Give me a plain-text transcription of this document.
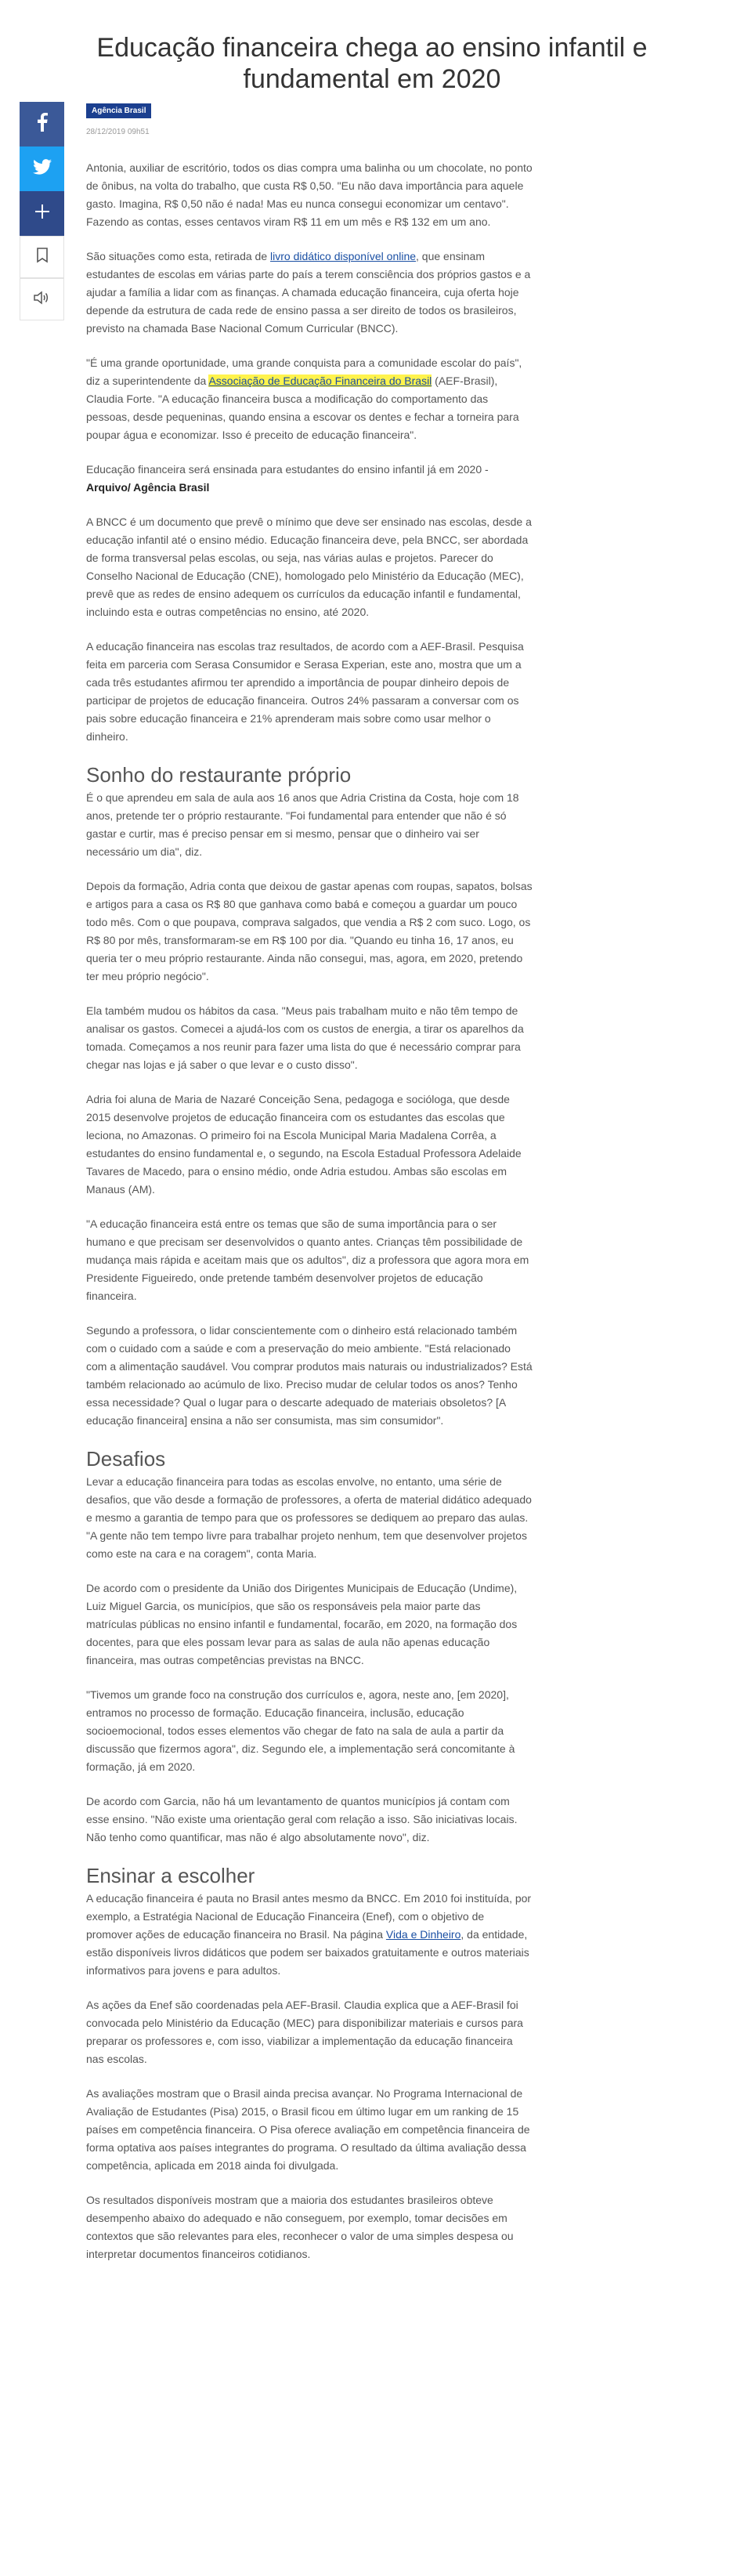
Educação financeira chega ao ensino infantil e fundamental em 2020
Agência Brasil
28/12/2019 09h51

Antonia, auxiliar de escritório, todos os dias compra uma balinha ou um chocolate, no ponto de ônibus, na volta do trabalho, que custa R$ 0,50. "Eu não dava importância para aquele gasto. Imagina, R$ 0,50 não é nada! Mas eu nunca consegui economizar um centavo". Fazendo as contas, esses centavos viram R$ 11 em um mês e R$ 132 em um ano.

São situações como esta, retirada de livro didático disponível online, que ensinam estudantes de escolas em várias parte do país a terem consciência dos próprios gastos e a ajudar a família a lidar com as finanças. A chamada educação financeira, cuja oferta hoje depende da estrutura de cada rede de ensino passa a ser direito de todos os brasileiros, previsto na chamada Base Nacional Comum Curricular (BNCC).

"É uma grande oportunidade, uma grande conquista para a comunidade escolar do país", diz a superintendente da Associação de Educação Financeira do Brasil (AEF-Brasil), Claudia Forte. "A educação financeira busca a modificação do comportamento das pessoas, desde pequeninas, quando ensina a escovar os dentes e fechar a torneira para poupar água e economizar. Isso é preceito de educação financeira".

Educação financeira será ensinada para estudantes do ensino infantil já em 2020 - Arquivo/ Agência Brasil

A BNCC é um documento que prevê o mínimo que deve ser ensinado nas escolas, desde a educação infantil até o ensino médio. Educação financeira deve, pela BNCC, ser abordada de forma transversal pelas escolas, ou seja, nas várias aulas e projetos. Parecer do Conselho Nacional de Educação (CNE), homologado pelo Ministério da Educação (MEC), prevê que as redes de ensino adequem os currículos da educação infantil e fundamental, incluindo esta e outras competências no ensino, até 2020.

A educação financeira nas escolas traz resultados, de acordo com a AEF-Brasil. Pesquisa feita em parceria com Serasa Consumidor e Serasa Experian, este ano, mostra que um a cada três estudantes afirmou ter aprendido a importância de poupar dinheiro depois de participar de projetos de educação financeira. Outros 24% passaram a conversar com os pais sobre educação financeira e 21% aprenderam mais sobre como usar melhor o dinheiro.

Sonho do restaurante próprio

É o que aprendeu em sala de aula aos 16 anos que Adria Cristina da Costa, hoje com 18 anos, pretende ter o próprio restaurante. "Foi fundamental para entender que não é só gastar e curtir, mas é preciso pensar em si mesmo, pensar que o dinheiro vai ser necessário um dia", diz.

Depois da formação, Adria conta que deixou de gastar apenas com roupas, sapatos, bolsas e artigos para a casa os R$ 80 que ganhava como babá e começou a guardar um pouco todo mês. Com o que poupava, comprava salgados, que vendia a R$ 2 com suco. Logo, os R$ 80 por mês, transformaram-se em R$ 100 por dia. "Quando eu tinha 16, 17 anos, eu queria ter o meu próprio restaurante. Ainda não consegui, mas, agora, em 2020, pretendo ter meu próprio negócio".

Ela também mudou os hábitos da casa. "Meus pais trabalham muito e não têm tempo de analisar os gastos. Comecei a ajudá-los com os custos de energia, a tirar os aparelhos da tomada. Começamos a nos reunir para fazer uma lista do que é necessário comprar para chegar nas lojas e já saber o que levar e o custo disso".

Adria foi aluna de Maria de Nazaré Conceição Sena, pedagoga e socióloga, que desde 2015 desenvolve projetos de educação financeira com os estudantes das escolas que leciona, no Amazonas. O primeiro foi na Escola Municipal Maria Madalena Corrêa, a estudantes do ensino fundamental e, o segundo, na Escola Estadual Professora Adelaide Tavares de Macedo, para o ensino médio, onde Adria estudou. Ambas são escolas em Manaus (AM).

"A educação financeira está entre os temas que são de suma importância para o ser humano e que precisam ser desenvolvidos o quanto antes. Crianças têm possibilidade de mudança mais rápida e aceitam mais que os adultos", diz a professora que agora mora em Presidente Figueiredo, onde pretende também desenvolver projetos de educação financeira.

Segundo a professora, o lidar conscientemente com o dinheiro está relacionado também com o cuidado com a saúde e com a preservação do meio ambiente. "Está relacionado com a alimentação saudável. Vou comprar produtos mais naturais ou industrializados? Está também relacionado ao acúmulo de lixo. Preciso mudar de celular todos os anos? Tenho essa necessidade? Qual o lugar para o descarte adequado de materiais obsoletos? [A educação financeira] ensina a não ser consumista, mas sim consumidor".

Desafios

Levar a educação financeira para todas as escolas envolve, no entanto, uma série de desafios, que vão desde a formação de professores, a oferta de material didático adequado e mesmo a garantia de tempo para que os professores se dediquem ao preparo das aulas. "A gente não tem tempo livre para trabalhar projeto nenhum, tem que desenvolver projetos como este na cara e na coragem", conta Maria.

De acordo com o presidente da União dos Dirigentes Municipais de Educação (Undime), Luiz Miguel Garcia, os municípios, que são os responsáveis pela maior parte das matrículas públicas no ensino infantil e fundamental, focarão, em 2020, na formação dos docentes, para que eles possam levar para as salas de aula não apenas educação financeira, mas outras competências previstas na BNCC.

"Tivemos um grande foco na construção dos currículos e, agora, neste ano, [em 2020], entramos no processo de formação. Educação financeira, inclusão, educação socioemocional, todos esses elementos vão chegar de fato na sala de aula a partir da discussão que fizermos agora", diz. Segundo ele, a implementação será concomitante à formação, já em 2020.

De acordo com Garcia, não há um levantamento de quantos municípios já contam com esse ensino. "Não existe uma orientação geral com relação a isso. São iniciativas locais. Não tenho como quantificar, mas não é algo absolutamente novo", diz.

Ensinar a escolher

A educação financeira é pauta no Brasil antes mesmo da BNCC. Em 2010 foi instituída, por exemplo, a Estratégia Nacional de Educação Financeira (Enef), com o objetivo de promover ações de educação financeira no Brasil. Na página Vida e Dinheiro, da entidade, estão disponíveis livros didáticos que podem ser baixados gratuitamente e outros materiais informativos para jovens e para adultos.

As ações da Enef são coordenadas pela AEF-Brasil. Claudia explica que a AEF-Brasil foi convocada pelo Ministério da Educação (MEC) para disponibilizar materiais e cursos para preparar os professores e, com isso, viabilizar a implementação da educação financeira nas escolas.

As avaliações mostram que o Brasil ainda precisa avançar. No Programa Internacional de Avaliação de Estudantes (Pisa) 2015, o Brasil ficou em último lugar em um ranking de 15 países em competência financeira. O Pisa oferece avaliação em competência financeira de forma optativa aos países integrantes do programa. O resultado da última avaliação dessa competência, aplicada em 2018 ainda foi divulgada.

Os resultados disponíveis mostram que a maioria dos estudantes brasileiros obteve desempenho abaixo do adequado e não conseguem, por exemplo, tomar decisões em contextos que são relevantes para eles, reconhecer o valor de uma simples despesa ou interpretar documentos financeiros cotidianos.
